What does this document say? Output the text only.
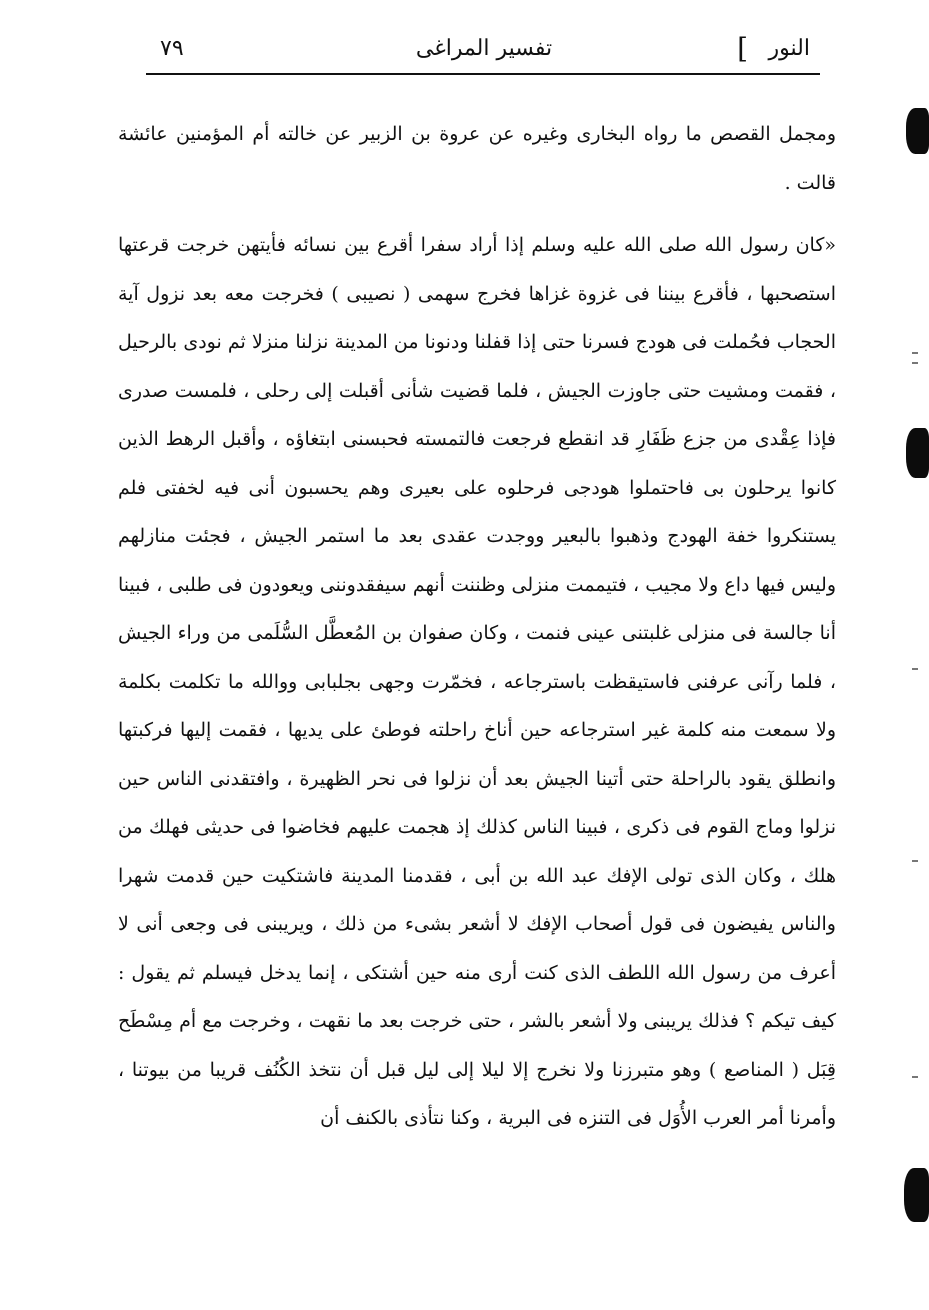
النور
]
تفسير المراغى
٧٩

ومجمل القصص ما رواه البخارى وغيره عن عروة بن الزبير عن خالته أم المؤمنين عائشة قالت .

«كان رسول الله صلى الله عليه وسلم إذا أراد سفرا أقرع بين نسائه فأيتهن خرجت قرعتها استصحبها ، فأقرع بيننا فى غزوة غزاها فخرج سهمى ( نصيبى ) فخرجت معه بعد نزول آية الحجاب فحُملت فى هودج فسرنا حتى إذا قفلنا ودنونا من المدينة نزلنا منزلا ثم نودى بالرحيل ، فقمت ومشيت حتى جاوزت الجيش ، فلما قضيت شأنى أقبلت إلى رحلى ، فلمست صدرى فإذا عِقْدى من جزع ظَفَارِ قد انقطع فرجعت فالتمسته فحبسنى ابتغاؤه ، وأقبل الرهط الذين كانوا يرحلون بى فاحتملوا هودجى فرحلوه على بعيرى وهم يحسبون أنى فيه لخفتى فلم يستنكروا خفة الهودج وذهبوا بالبعير ووجدت عقدى بعد ما استمر الجيش ، فجئت منازلهم وليس فيها داع ولا مجيب ، فتيممت منزلى وظننت أنهم سيفقدوننى ويعودون فى طلبى ، فبينا أنا جالسة فى منزلى غلبتنى عينى فنمت ، وكان صفوان بن المُعطَّل السُّلَمى من وراء الجيش ، فلما رآنى عرفنى فاستيقظت باسترجاعه ، فخمّرت وجهى بجلبابى ووالله ما تكلمت بكلمة ولا سمعت منه كلمة غير استرجاعه حين أناخ راحلته فوطئ على يديها ، فقمت إليها فركبتها وانطلق يقود بالراحلة حتى أتينا الجيش بعد أن نزلوا فى نحر الظهيرة ، وافتقدنى الناس حين نزلوا وماج القوم فى ذكرى ، فبينا الناس كذلك إذ هجمت عليهم فخاضوا فى حديثى فهلك من هلك ، وكان الذى تولى الإفك عبد الله بن أبى ، فقدمنا المدينة فاشتكيت حين قدمت شهرا والناس يفيضون فى قول أصحاب الإفك لا أشعر بشىء من ذلك ، ويريبنى فى وجعى أنى لا أعرف من رسول الله اللطف الذى كنت أرى منه حين أشتكى ، إنما يدخل فيسلم ثم يقول : كيف تيكم ؟ فذلك يريبنى ولا أشعر بالشر ، حتى خرجت بعد ما نقهت ، وخرجت مع أم مِسْطَح قِبَل ( المناصع ) وهو متبرزنا ولا نخرج إلا ليلا إلى ليل قبل أن نتخذ الكُنُف قريبا من بيوتنا ، وأمرنا أمر العرب الأُوَل فى التنزه فى البرية ، وكنا نتأذى بالكنف أن
